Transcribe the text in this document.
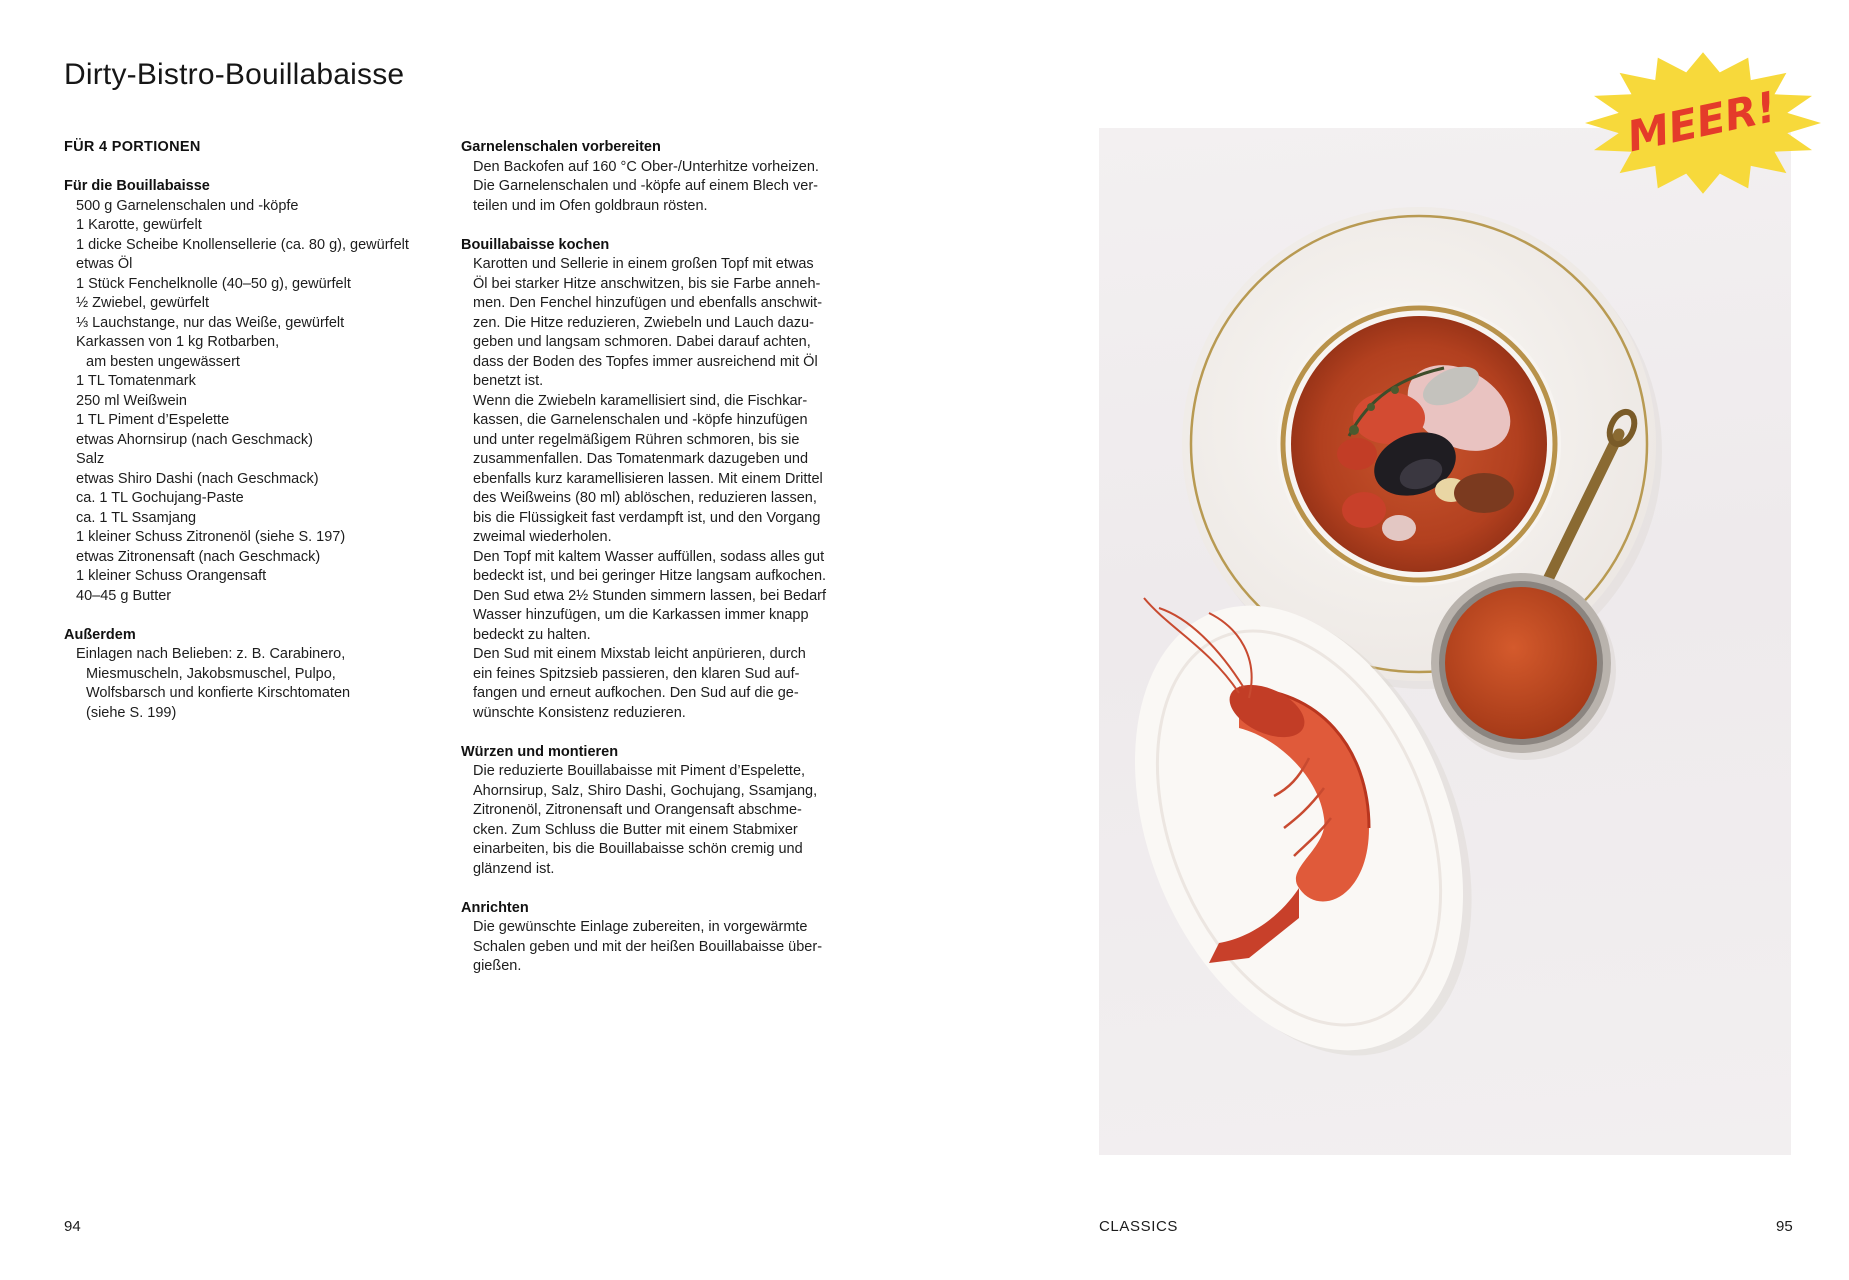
Dirty-Bistro-Bouillabaisse
FÜR 4 PORTIONEN
Für die Bouillabaisse
500 g Garnelenschalen und -köpfe
1 Karotte, gewürfelt
1 dicke Scheibe Knollensellerie (ca. 80 g), gewürfelt
etwas Öl
1 Stück Fenchelknolle (40–50 g), gewürfelt
½ Zwiebel, gewürfelt
⅓ Lauchstange, nur das Weiße, gewürfelt
Karkassen von 1 kg Rotbarben,
am besten ungewässert
1 TL Tomatenmark
250 ml Weißwein
1 TL Piment d’Espelette
etwas Ahornsirup (nach Geschmack)
Salz
etwas Shiro Dashi (nach Geschmack)
ca. 1 TL Gochujang-Paste
ca. 1 TL Ssamjang
1 kleiner Schuss Zitronenöl (siehe S. 197)
etwas Zitronensaft (nach Geschmack)
1 kleiner Schuss Orangensaft
40–45 g Butter
Außerdem
Einlagen nach Belieben: z. B. Carabinero,
Miesmuscheln, Jakobsmuschel, Pulpo,
Wolfsbarsch und konfierte Kirschtomaten
(siehe S. 199)
Garnelenschalen vorbereiten
Den Backofen auf 160 °C Ober-/Unterhitze vorheizen.
Die Garnelenschalen und -köpfe auf einem Blech ver-
teilen und im Ofen goldbraun rösten.
Bouillabaisse kochen
Karotten und Sellerie in einem großen Topf mit etwas
Öl bei starker Hitze anschwitzen, bis sie Farbe anneh-
men. Den Fenchel hinzufügen und ebenfalls anschwit-
zen. Die Hitze reduzieren, Zwiebeln und Lauch dazu-
geben und langsam schmoren. Dabei darauf achten,
dass der Boden des Topfes immer ausreichend mit Öl
benetzt ist.
Wenn die Zwiebeln karamellisiert sind, die Fischkar-
kassen, die Garnelenschalen und -köpfe hinzufügen
und unter regelmäßigem Rühren schmoren, bis sie
zusammenfallen. Das Tomatenmark dazugeben und
ebenfalls kurz karamellisieren lassen. Mit einem Drittel
des Weißweins (80 ml) ablöschen, reduzieren lassen,
bis die Flüssigkeit fast verdampft ist, und den Vorgang
zweimal wiederholen.
Den Topf mit kaltem Wasser auffüllen, sodass alles gut
bedeckt ist, und bei geringer Hitze langsam aufkochen.
Den Sud etwa 2½ Stunden simmern lassen, bei Bedarf
Wasser hinzufügen, um die Karkassen immer knapp
bedeckt zu halten.
Den Sud mit einem Mixstab leicht anpürieren, durch
ein feines Spitzsieb passieren, den klaren Sud auf-
fangen und erneut aufkochen. Den Sud auf die ge-
wünschte Konsistenz reduzieren.
Würzen und montieren
Die reduzierte Bouillabaisse mit Piment d’Espelette,
Ahornsirup, Salz, Shiro Dashi, Gochujang, Ssamjang,
Zitronenöl, Zitronensaft und Orangensaft abschme-
cken. Zum Schluss die Butter mit einem Stabmixer
einarbeiten, bis die Bouillabaisse schön cremig und
glänzend ist.
Anrichten
Die gewünschte Einlage zubereiten, in vorgewärmte
Schalen geben und mit der heißen Bouillabaisse über-
gießen.
MEER!
94	CLASSICS	95
